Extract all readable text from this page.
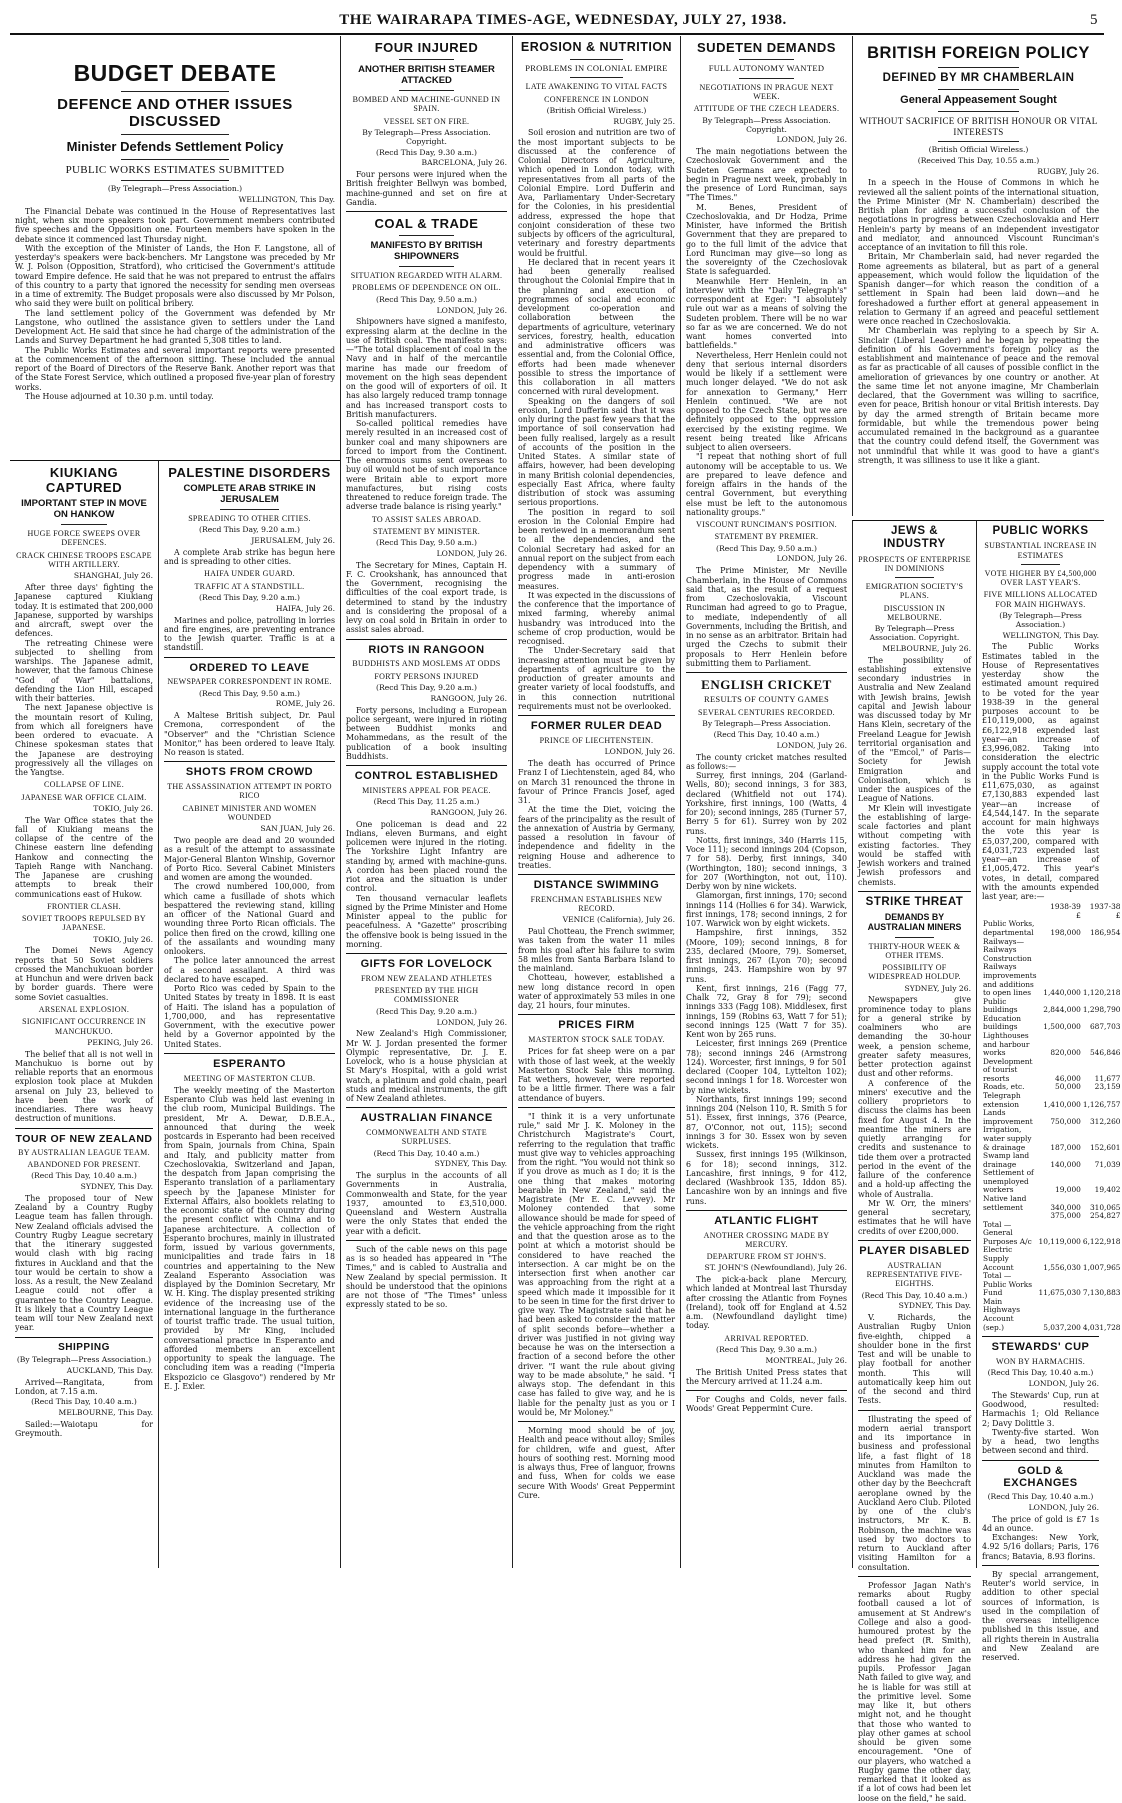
THE WAIRARAPA TIMES-AGE, WEDNESDAY, JULY 27, 1938.	5
BUDGET DEBATE
DEFENCE AND OTHER ISSUES DISCUSSED
Minister Defends Settlement Policy
PUBLIC WORKS ESTIMATES SUBMITTED
(By Telegraph—Press Association.)
WELLINGTON, This Day.

The Financial Debate was continued in the House of Representatives last night, when six more speakers took part. Government members contributed five speeches and the Opposition one. Fourteen members have spoken in the debate since it commenced last Thursday night.

With the exception of the Minister of Lands, the Hon F. Langstone, all of yesterday's speakers were back-benchers. Mr Langstone was preceded by Mr W. J. Polson (Opposition, Stratford), who criticised the Government's attitude toward Empire defence. He said that he was not prepared to entrust the affairs of this country to a party that ignored the necessity for sending men overseas in a time of extremity. The Budget proposals were also discussed by Mr Polson, who said they were built on political bribery.

The land settlement policy of the Government was defended by Mr Langstone, who outlined the assistance given to settlers under the Land Development Act. He said that since he had charge of the administration of the Lands and Survey Department he had granted 5,308 titles to land.

The Public Works Estimates and several important reports were presented at the commencement of the afternoon sitting. These included the annual report of the Board of Directors of the Reserve Bank. Another report was that of the State Forest Service, which outlined a proposed five-year plan of forestry works.

The House adjourned at 10.30 p.m. until today.

KIUKIANG CAPTURED
IMPORTANT STEP IN MOVE ON HANKOW
HUGE FORCE SWEEPS OVER DEFENCES.
CRACK CHINESE TROOPS ESCAPE WITH ARTILLERY.
SHANGHAI, July 26.

After three days' fighting the Japanese captured Kiukiang today. It is estimated that 200,000 Japanese, supported by warships and aircraft, swept over the defences.

The retreating Chinese were subjected to shelling from warships. The Japanese admit, however, that the famous Chinese "God of War" battalions, defending the Lion Hill, escaped with their batteries.

The next Japanese objective is the mountain resort of Kuling, from which all foreigners have been ordered to evacuate. A Chinese spokesman states that the Japanese are destroying progressively all the villages on the Yangtse.

COLLAPSE OF LINE.
JAPANESE WAR OFFICE CLAIM.
TOKIO, July 26.

The War Office states that the fall of Kiukiang means the collapse of the centre of the Chinese eastern line defending Hankow and connecting the Tapieh Range with Nanchang. The Japanese are crushing attempts to break their communications east of Hukow.

FRONTIER CLASH.
SOVIET TROOPS REPULSED BY JAPANESE.
TOKIO, July 26.

The Domei News Agency reports that 50 Soviet soldiers crossed the Manchukuoan border at Hunchun and were driven back by border guards. There were some Soviet casualties.

ARSENAL EXPLOSION.
SIGNIFICANT OCCURRENCE IN MANCHUKUO.
PEKING, July 26.

The belief that all is not well in Manchukuo is borne out by reliable reports that an enormous explosion took place at Mukden arsenal on July 23, believed to have been the work of incendiaries. There was heavy destruction of munitions.

TOUR OF NEW ZEALAND
BY AUSTRALIAN LEAGUE TEAM.
ABANDONED FOR PRESENT.
(Recd This Day, 10.40 a.m.)
SYDNEY, This Day.

The proposed tour of New Zealand by a Country Rugby League team has fallen through. New Zealand officials advised the Country Rugby League secretary that the itinerary suggested would clash with big racing fixtures in Auckland and that the tour would be certain to show a loss. As a result, the New Zealand League could not offer a guarantee to the Country League. It is likely that a Country League team will tour New Zealand next year.

SHIPPING
(By Telegraph—Press Association.)
AUCKLAND, This Day.

Arrived—Rangitata, from London, at 7.15 a.m.

(Recd This Day, 10.40 a.m.)
MELBOURNE, This Day.

Sailed:—Waiotapu for Greymouth.

PALESTINE DISORDERS
COMPLETE ARAB STRIKE IN JERUSALEM
SPREADING TO OTHER CITIES.
(Recd This Day, 9.20 a.m.)
JERUSALEM, July 26.

A complete Arab strike has begun here and is spreading to other cities.

HAIFA UNDER GUARD.
TRAFFIC AT A STANDSTILL.
(Recd This Day, 9.20 a.m.)
HAIFA, July 26.

Marines and police, patrolling in lorries and fire engines, are preventing entrance to the Jewish quarter. Traffic is at a standstill.

ORDERED TO LEAVE
NEWSPAPER CORRESPONDENT IN ROME.
(Recd This Day, 9.50 a.m.)
ROME, July 26.

A Maltese British subject, Dr. Paul Cremona, correspondent of the "Observer" and the "Christian Science Monitor," has been ordered to leave Italy. No reason is stated.

SHOTS FROM CROWD
THE ASSASSINATION ATTEMPT IN PORTO RICO
CABINET MINISTER AND WOMEN WOUNDED
SAN JUAN, July 26.

Two people are dead and 20 wounded as a result of the attempt to assassinate Major-General Blanton Winship, Governor of Porto Rico. Several Cabinet Ministers and women are among the wounded.

The crowd numbered 100,000, from which came a fusillade of shots which bespattered the reviewing stand, killing an officer of the National Guard and wounding three Porto Rican officials. The police then fired on the crowd, killing one of the assailants and wounding many onlookers.

The police later announced the arrest of a second assailant. A third was declared to have escaped.

Porto Rico was ceded by Spain to the United States by treaty in 1898. It is east of Haiti. The island has a population of 1,700,000, and has representative Government, with the executive power held by a Governor appointed by the United States.

ESPERANTO
MEETING OF MASTERTON CLUB.

The weekly meeting of the Masterton Esperanto Club was held last evening in the club room, Municipal Buildings. The president, Mr A. Dewar, D.B.E.A., announced that during the week postcards in Esperanto had been received from Spain, journals from China, Spain and Italy, and publicity matter from Czechoslovakia, Switzerland and Japan, the despatch from Japan comprising the Esperanto translation of a parliamentary speech by the Japanese Minister for External Affairs, also booklets relating to the economic state of the country during the present conflict with China and to Japanese architecture. A collection of Esperanto brochures, mainly in illustrated form, issued by various governments, municipalities and trade fairs in 18 countries and appertaining to the New Zealand Esperanto Association was displayed by the Dominion Secretary, Mr W. H. King. The display presented striking evidence of the increasing use of the international language in the furtherance of tourist traffic trade. The usual tuition, provided by Mr King, included conversational practice in Esperanto and afforded members an excellent opportunity to speak the language. The concluding item was a reading ("Imperia Ekspozicio ce Glasgovo") rendered by Mr E. J. Exler.

FOUR INJURED
ANOTHER BRITISH STEAMER ATTACKED
BOMBED AND MACHINE-GUNNED IN SPAIN.
VESSEL SET ON FIRE.
By Telegraph—Press Association. Copyright.
(Recd This Day, 9.30 a.m.)
BARCELONA, July 26.

Four persons were injured when the British freighter Bellwyn was bombed, machine-gunned and set on fire at Gandia.

COAL & TRADE
MANIFESTO BY BRITISH SHIPOWNERS
SITUATION REGARDED WITH ALARM.
PROBLEMS OF DEPENDENCE ON OIL.
(Recd This Day, 9.50 a.m.)
LONDON, July 26.

Shipowners have signed a manifesto, expressing alarm at the decline in the use of British coal. The manifesto says:—"The total displacement of coal in the Navy and in half of the mercantile marine has made our freedom of movement on the high seas dependent on the good will of exporters of oil. It has also largely reduced tramp tonnage and has increased transport costs to British manufacturers.

So-called political remedies have merely resulted in an increased cost of bunker coal and many shipowners are forced to import from the Continent. The enormous sums sent overseas to buy oil would not be of such importance were Britain able to export more manufactures, but rising costs threatened to reduce foreign trade. The adverse trade balance is rising yearly."

TO ASSIST SALES ABROAD.
STATEMENT BY MINISTER.
(Recd This Day, 9.50 a.m.)
LONDON, July 26.

The Secretary for Mines, Captain H. F. C. Crookshank, has announced that the Government, recognising the difficulties of the coal export trade, is determined to stand by the industry and is considering the proposal of a levy on coal sold in Britain in order to assist sales abroad.

RIOTS IN RANGOON
BUDDHISTS AND MOSLEMS AT ODDS
FORTY PERSONS INJURED
(Recd This Day, 9.20 a.m.)
RANGOON, July 26.

Forty persons, including a European police sergeant, were injured in rioting between Buddhist monks and Mohammedans, as the result of the publication of a book insulting Buddhists.

CONTROL ESTABLISHED
MINISTERS APPEAL FOR PEACE.
(Recd This Day, 11.25 a.m.)
RANGOON, July 26.

One policeman is dead and 22 Indians, eleven Burmans, and eight policemen were injured in the rioting. The Yorkshire Light Infantry are standing by, armed with machine-guns. A cordon has been placed round the riot area and the situation is under control.

Ten thousand vernacular leaflets signed by the Prime Minister and Home Minister appeal to the public for peacefulness. A "Gazette" proscribing the offensive book is being issued in the morning.

GIFTS FOR LOVELOCK
FROM NEW ZEALAND ATHLETES
PRESENTED BY THE HIGH COMMISSIONER
(Recd This Day, 9.20 a.m.)
LONDON, July 26.

New Zealand's High Commissioner, Mr W. J. Jordan presented the former Olympic representative, Dr. J. E. Lovelock, who is a house physician at St Mary's Hospital, with a gold wrist watch, a platinum and gold chain, pearl studs and medical instruments, the gift of New Zealand athletes.

AUSTRALIAN FINANCE
COMMONWEALTH AND STATE SURPLUSES.
(Recd This Day, 10.40 a.m.)
SYDNEY, This Day.

The surplus in the accounts of all Governments in Australia, Commonwealth and State, for the year 1937, amounted to £3,510,000. Queensland and Western Australia were the only States that ended the year with a deficit.

Such of the cable news on this page as is so headed has appeared in "The Times," and is cabled to Australia and New Zealand by special permission. It should be understood that the opinions are not those of "The Times" unless expressly stated to be so.

EROSION & NUTRITION
PROBLEMS IN COLONIAL EMPIRE
LATE AWAKENING TO VITAL FACTS
CONFERENCE IN LONDON
(British Official Wireless.)
RUGBY, July 25.

Soil erosion and nutrition are two of the most important subjects to be discussed at the conference of Colonial Directors of Agriculture, which opened in London today, with representatives from all parts of the Colonial Empire. Lord Dufferin and Ava, Parliamentary Under-Secretary for the Colonies, in his presidential address, expressed the hope that conjoint consideration of these two subjects by officers of the agricultural, veterinary and forestry departments would be fruitful.

He declared that in recent years it had been generally realised throughout the Colonial Empire that in the planning and execution of programmes of social and economic development co-operation and collaboration between the departments of agriculture, veterinary services, forestry, health, education and administrative officers was essential and, from the Colonial Office, efforts had been made whenever possible to stress the importance of this collaboration in all matters concerned with rural development.

Speaking on the dangers of soil erosion, Lord Dufferin said that it was only during the past few years that the importance of soil conservation had been fully realised, largely as a result of accounts of the position in the United States. A similar state of affairs, however, had been developing in many British colonial dependencies, especially East Africa, where faulty distribution of stock was assuming serious proportions.

The position in regard to soil erosion in the Colonial Empire had been reviewed in a memorandum sent to all the dependencies, and the Colonial Secretary had asked for an annual report on the subject from each dependency with a summary of progress made in anti-erosion measures.

It was expected in the discussions of the conference that the importance of mixed farming, whereby animal husbandry was introduced into the scheme of crop production, would be recognised.

The Under-Secretary said that increasing attention must be given by departments of agriculture to the production of greater amounts and greater variety of local foodstuffs, and in this connection nutritional requirements must not be overlooked.

FORMER RULER DEAD
PRINCE OF LIECHTENSTEIN.
LONDON, July 26.

The death has occurred of Prince Franz I of Liechtenstein, aged 84, who on March 31 renounced the throne in favour of Prince Francis Josef, aged 31.

At the time the Diet, voicing the fears of the principality as the result of the annexation of Austria by Germany, passed a resolution in favour of independence and fidelity in the reigning House and adherence to treaties.

DISTANCE SWIMMING
FRENCHMAN ESTABLISHES NEW RECORD.
VENICE (California), July 26.

Paul Chotteau, the French swimmer, was taken from the water 11 miles from his goal after his failure to swim 58 miles from Santa Barbara Island to the mainland.

Chotteau, however, established a new long distance record in open water of approximately 53 miles in one day, 21 hours, four minutes.

PRICES FIRM
MASTERTON STOCK SALE TODAY.

Prices for fat sheep were on a par with those of last week, at the weekly Masterton Stock Sale this morning. Fat wethers, however, were reported to be a little firmer. There was a fair attendance of buyers.

"I think it is a very unfortunate rule," said Mr J. K. Moloney in the Christchurch Magistrate's Court, referring to the regulation that traffic must give way to vehicles approaching from the right. "You would not think so if you drove as much as I do; it is the one thing that makes motoring bearable in New Zealand," said the Magistrate (Mr E. C. Levvey). Mr Moloney contended that some allowance should be made for speed of the vehicle approaching from the right and that the question arose as to the point at which a motorist should be considered to have reached the intersection. A car might be on the intersection first when another car was approaching from the right at a speed which made it impossible for it to be seen in time for the first driver to give way. The Magistrate said that he had been asked to consider the matter of split seconds before—whether a driver was justified in not giving way because he was on the intersection a fraction of a second before the other driver. "I want the rule about giving way to be made absolute," he said. "I always stop. The defendant in this case has failed to give way, and he is liable for the penalty just as you or I would be, Mr Moloney."

Morning mood should be of joy, Health and peace without alloy; Smiles for children, wife and guest, After hours of soothing rest. Morning mood is always thus, Free of languor, frowns and fuss, When for colds we ease secure With Woods' Great Peppermint Cure.

SUDETEN DEMANDS
FULL AUTONOMY WANTED
NEGOTIATIONS IN PRAGUE NEXT WEEK.
ATTITUDE OF THE CZECH LEADERS.
By Telegraph—Press Association. Copyright.
LONDON, July 26.

The main negotiations between the Czechoslovak Government and the Sudeten Germans are expected to begin in Prague next week, probably in the presence of Lord Runciman, says "The Times."

M. Benes, President of Czechoslovakia, and Dr Hodza, Prime Minister, have informed the British Government that they are prepared to go to the full limit of the advice that Lord Runciman may give—so long as the sovereignty of the Czechoslovak State is safeguarded.

Meanwhile Herr Henlein, in an interview with the "Daily Telegraph's" correspondent at Eger: "I absolutely rule out war as a means of solving the Sudeten problem. There will be no war so far as we are concerned. We do not want homes converted into battlefields."

Nevertheless, Herr Henlein could not deny that serious internal disorders would be likely if a settlement were much longer delayed. "We do not ask for annexation to Germany," Herr Henlein continued. "We are not opposed to the Czech State, but we are definitely opposed to the oppression exercised by the existing regime. We resent being treated like Africans subject to alien overseers.

"I repeat that nothing short of full autonomy will be acceptable to us. We are prepared to leave defence and foreign affairs in the hands of the central Government, but everything else must be left to the autonomous nationality groups."

VISCOUNT RUNCIMAN'S POSITION.
STATEMENT BY PREMIER.
(Recd This Day, 9.50 a.m.)
LONDON, July 26.

The Prime Minister, Mr Neville Chamberlain, in the House of Commons said that, as the result of a request from Czechoslovakia, Viscount Runciman had agreed to go to Prague, to mediate, independently of all Governments, including the British, and in no sense as an arbitrator. Britain had urged the Czechs to submit their proposals to Herr Henlein before submitting them to Parliament.

ENGLISH CRICKET
RESULTS OF COUNTY GAMES
SEVERAL CENTURIES RECORDED.
By Telegraph—Press Association.
(Recd This Day, 10.40 a.m.)
LONDON, July 26.

The county cricket matches resulted as follows:—

Surrey, first innings, 204 (Garland-Wells, 80); second innings, 3 for 383, declared (Whitfield not out 174). Yorkshire, first innings, 100 (Watts, 4 for 20); second innings, 285 (Turner 57, Berry 5 for 61). Surrey won by 202 runs.

Notts, first innings, 340 (Harris 115, Voce 111); second innings 204 (Copson, 7 for 58). Derby, first innings, 340 (Worthington, 180); second innings, 3 for 207 (Worthington, not out, 110). Derby won by nine wickets.

Glamorgan, first innings, 170; second innings 114 (Hollies 6 for 34). Warwick, first innings, 178; second innings, 2 for 107. Warwick won by eight wickets.

Hampshire, first innings, 352 (Moore, 109); second innings, 8 for 235, declared (Moore, 79). Somerset, first innings, 267 (Lyon 70); second innings, 243. Hampshire won by 97 runs.

Kent, first innings, 216 (Fagg 77, Chalk 72, Gray 8 for 79); second innings 333 (Fagg 108). Middlesex, first innings, 159 (Robins 63, Watt 7 for 51); second innings 125 (Watt 7 for 35). Kent won by 265 runs.

Leicester, first innings 269 (Prentice 78); second innings 246 (Armstrong 124). Worcester, first innings, 9 for 501 declared (Cooper 104, Lyttelton 102); second innings 1 for 18. Worcester won by nine wickets.

Northants, first innings 199; second innings 204 (Nelson 110, R. Smith 5 for 51). Essex, first innings, 376 (Pearce, 87, O'Connor, not out, 115); second innings 3 for 30. Essex won by seven wickets.

Sussex, first innings 195 (Wilkinson, 6 for 18); second innings, 312. Lancashire, first innings, 9 for 412, declared (Washbrook 135, Iddon 85). Lancashire won by an innings and five runs.

ATLANTIC FLIGHT
ANOTHER CROSSING MADE BY MERCURY.
DEPARTURE FROM ST JOHN'S.
ST. JOHN'S (Newfoundland), July 26.

The pick-a-back plane Mercury, which landed at Montreal last Thursday after crossing the Atlantic from Foynes (Ireland), took off for England at 4.52 a.m. (Newfoundland daylight time) today.

ARRIVAL REPORTED.
(Recd This Day, 9.30 a.m.)
MONTREAL, July 26.

The British United Press states that the Mercury arrived at 11.24 a.m.

For Coughs and Colds, never fails. Woods' Great Peppermint Cure.

BRITISH FOREIGN POLICY
DEFINED BY MR CHAMBERLAIN
General Appeasement Sought
WITHOUT SACRIFICE OF BRITISH HONOUR OR VITAL INTERESTS
(British Official Wireless.)
(Received This Day, 10.55 a.m.)
RUGBY, July 26.

In a speech in the House of Commons in which he reviewed all the salient points of the international situation, the Prime Minister (Mr N. Chamberlain) described the British plan for aiding a successful conclusion of the negotiations in progress between Czechoslovakia and Herr Henlein's party by means of an independent investigator and mediator, and announced Viscount Runciman's acceptance of an invitation to fill this role.

Britain, Mr Chamberlain said, had never regarded the Rome agreements as bilateral, but as part of a general appeasement, which would follow the liquidation of the Spanish danger—for which reason the condition of a settlement in Spain had been laid down—and he foreshadowed a further effort at general appeasement in relation to Germany if an agreed and peaceful settlement were once reached in Czechoslovakia.

Mr Chamberlain was replying to a speech by Sir A. Sinclair (Liberal Leader) and he began by repeating the definition of his Government's foreign policy as the establishment and maintenance of peace and the removal as far as practicable of all causes of possible conflict in the amelioration of grievances by one country or another. At the same time let not anyone imagine, Mr Chamberlain declared, that the Government was willing to sacrifice, even for peace, British honour or vital British interests. Day by day the armed strength of Britain became more formidable, but while the tremendous power being accumulated remained in the background as a guarantee that the country could defend itself, the Government was not unmindful that while it was good to have a giant's strength, it was silliness to use it like a giant.

JEWS & INDUSTRY
PROSPECTS OF ENTERPRISE IN DOMINIONS
EMIGRATION SOCIETY'S PLANS.
DISCUSSION IN MELBOURNE.
By Telegraph—Press Association. Copyright.
MELBOURNE, July 26.

The possibility of establishing extensive secondary industries in Australia and New Zealand with Jewish brains, Jewish capital and Jewish labour was discussed today by Mr Hans Klein, secretary of the Freeland League for Jewish territorial organisation and of the "Emcol," of Paris—Society for Jewish Emigration and Colonisation, which is under the auspices of the League of Nations.

Mr Klein will investigate the establishing of large-scale factories and plant without competing with existing factories. They would be staffed with Jewish workers and trained Jewish professors and chemists.

STRIKE THREAT
DEMANDS BY AUSTRALIAN MINERS
THIRTY-HOUR WEEK & OTHER ITEMS.
POSSIBILITY OF WIDESPREAD HOLDUP.
SYDNEY, July 26.

Newspapers give prominence today to plans for a general strike by coalminers who are demanding the 30-hour week, a pension scheme, greater safety measures, better protection against dust and other reforms.

A conference of the miners' executive and the colliery proprietors to discuss the claims has been fixed for August 4. In the meantime the miners are quietly arranging for credits and sustenance to tide them over a protracted period in the event of the failure of the conference and a hold-up affecting the whole of Australia.

Mr W. Orr, the miners' general secretary, estimates that he will have credits of over £200,000.

PLAYER DISABLED
AUSTRALIAN REPRESENTATIVE FIVE-EIGHTHS.
(Recd This Day, 10.40 a.m.)
SYDNEY, This Day.

V. Richards, the Australian Rugby Union five-eighth, chipped a shoulder bone in the first Test and will be unable to play football for another month. This will automatically keep him out of the second and third Tests.

Illustrating the speed of modern aerial transport and its importance in business and professional life, a fast flight of 18 minutes from Hamilton to Auckland was made the other day by the Beechcraft aeroplane owned by the Auckland Aero Club. Piloted by one of the club's instructors, Mr K. B. Robinson, the machine was used by two doctors to return to Auckland after visiting Hamilton for a consultation.

Professor Jagan Nath's remarks about Rugby football caused a lot of amusement at St Andrew's College and also a good-humoured protest by the head prefect (R. Smith), who thanked him for an address he had given the pupils. Professor Jagan Nath failed to give way, and he is liable for was still at the primitive level. Some may like it, but others might not, and he thought that those who wanted to play other games at school should be given some encouragement. "One of our players, who watched a Rugby game the other day, remarked that it looked as if a lot of cows had been let loose on the field," he said.

PUBLIC WORKS
SUBSTANTIAL INCREASE IN ESTIMATES
VOTE HIGHER BY £4,500,000 OVER LAST YEAR'S.
FIVE MILLIONS ALLOCATED FOR MAIN HIGHWAYS.
(By Telegraph—Press Association.)
WELLINGTON, This Day.

The Public Works Estimates tabled in the House of Representatives yesterday show the estimated amount required to be voted for the year 1938-39 in the general purposes account to be £10,119,000, as against £6,122,918 expended last year—an increase of £3,996,082. Taking into consideration the electric supply account the total vote in the Public Works Fund is £11,675,030, as against £7,130,883 expended last year—an increase of £4,544,147. In the separate account for main highways the vote this year is £5,037,200, compared with £4,031,723 expended last year—an increase of £1,005,472. This year's votes, in detail, compared with the amounts expended last year, are:—

	1938-39	1937-38
	£	£
Public Works, departmental	198,000	186,954
Railways—Railways Construction		
Railways improvements and additions to open lines	1,440,000	1,120,218
Public buildings	2,844,000	1,298,790
Education buildings	1,500,000	687,703
Lighthouses and harbour works	820,000	546,846
Development of tourist resorts	46,000	11,677
Roads, etc.	50,000	23,159
Telegraph extension	1,410,000	1,126,757
Lands improvement	750,000	312,260
Irrigation, water supply & drainage	187,000	152,601
Swamp land drainage	140,000	71,039
Settlement of unemployed workers	19,000	19,402
Native land settlement	340,000	310,065
	375,000	254,827
Total — General Purposes A/c	10,119,000	6,122,918
Electric Supply Account	1,556,030	1,007,965
Total — Public Works Fund	11,675,030	7,130,883
Main Highways Account (sep.)	5,037,200	4,031,728
STEWARDS' CUP
WON BY HARMACHIS.
(Recd This Day, 10.40 a.m.)
LONDON, July 26.

The Stewards' Cup, run at Goodwood, resulted: Harmachis 1; Old Reliance 2; Davy Dolittle 3.

Twenty-five started. Won by a head, two lengths between second and third.

GOLD & EXCHANGES
(Recd This Day, 10.40 a.m.)
LONDON, July 26.

The price of gold is £7 1s 4d an ounce.

Exchanges: New York, 4.92 5/16 dollars; Paris, 176 francs; Batavia, 8.93 florins.

By special arrangement, Reuter's world service, in addition to other special sources of information, is used in the compilation of the overseas intelligence published in this issue, and all rights therein in Australia and New Zealand are reserved.
